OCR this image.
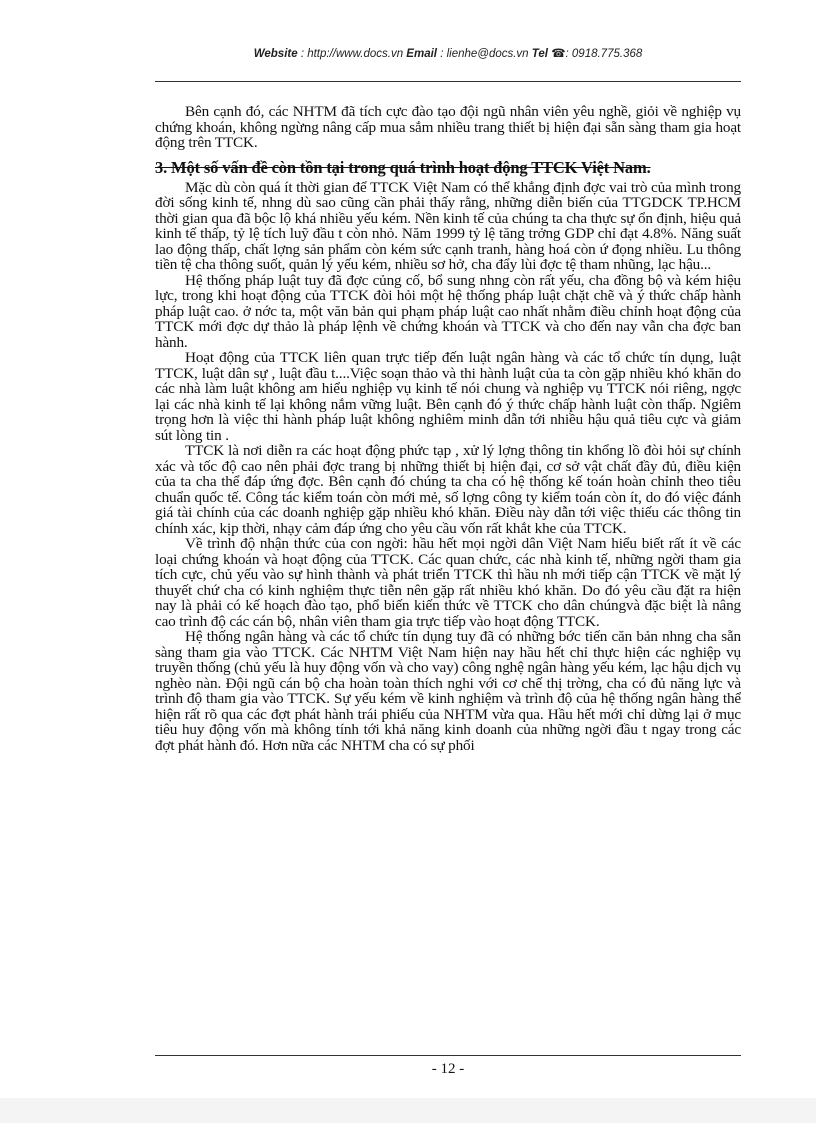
Website : http://www.docs.vn Email : lienhe@docs.vn Tel ☎: 0918.775.368

Bên cạnh đó, các NHTM đã tích cực đào tạo đội ngũ nhân viên yêu nghề, giỏi về nghiệp vụ chứng khoán, không ngừng nâng cấp mua sắm nhiều trang thiết bị hiện đại sẵn sàng tham gia hoạt động trên TTCK.

3. Một số vấn đề còn tồn tại trong quá trình hoạt động TTCK Việt Nam.

Mặc dù còn quá ít thời gian để TTCK Việt Nam có thể khẳng định đợc vai trò của mình trong đời sống kinh tế, nhng dù sao cũng cần phải thấy rằng, những diễn biến của TTGDCK TP.HCM thời gian qua đã bộc lộ khá nhiều yếu kém. Nền kinh tế của chúng ta cha thực sự ổn định, hiệu quả kinh tế thấp, tỷ lệ tích luỹ đầu t còn nhỏ. Năm 1999 tỷ lệ tăng trởng GDP chỉ đạt 4.8%. Năng suất lao động thấp, chất lợng sản phẩm còn kém sức cạnh tranh, hàng hoá còn ứ đọng nhiều. Lu thông tiền tệ cha thông suốt, quản lý yếu kém, nhiều sơ hở, cha đẩy lùi đợc tệ tham nhũng, lạc hậu...

Hệ thống pháp luật tuy đã đợc củng cố, bổ sung nhng còn rất yếu, cha đồng bộ và kém hiệu lực, trong khi hoạt động của TTCK đòi hỏi một hệ thống pháp luật chặt chẽ và ý thức chấp hành pháp luật cao. ở nớc ta, một văn bản qui phạm pháp luật cao nhất nhằm điều chỉnh hoạt động của TTCK mới đợc dự thảo là pháp lệnh về chứng khoán và TTCK và cho đến nay vẫn cha đợc ban hành.

Hoạt động của TTCK liên quan trực tiếp đến luật ngân hàng và các tổ chức tín dụng, luật TTCK, luật dân sự , luật đầu t....Việc soạn thảo và thi hành luật của ta còn gặp nhiều khó khăn do các nhà làm luật không am hiểu nghiệp vụ kinh tế nói chung và nghiệp vụ TTCK nói riêng, ngợc lại các nhà kinh tế lại không nắm vững luật. Bên cạnh đó ý thức chấp hành luật còn thấp. Ngiêm trọng hơn là việc thi hành pháp luật không nghiêm minh dẫn tới nhiều hậu quả tiêu cực và giảm sút lòng tin .

TTCK là nơi diễn ra các hoạt động phức tạp , xử lý lợng thông tin khổng lồ đòi hỏi sự chính xác và tốc độ cao nên phải đợc trang bị những thiết bị hiện đại, cơ sở vật chất đầy đủ, điều kiện của ta cha thể đáp ứng đợc. Bên cạnh đó chúng ta cha có hệ thống kế toán hoàn chỉnh theo tiêu chuẩn quốc tế. Công tác kiểm toán còn mới mẻ, số lợng công ty kiểm toán còn ít, do đó việc đánh giá tài chính của các doanh nghiệp gặp nhiều khó khăn. Điều này dẫn tới việc thiếu các thông tin chính xác, kịp thời, nhạy cảm đáp ứng cho yêu cầu vốn rất khắt khe của TTCK.

Về trình độ nhận thức của con ngời: hầu hết mọi ngời dân Việt Nam hiểu biết rất ít về các loại chứng khoán và hoạt động của TTCK. Các quan chức, các nhà kinh tế, những ngời tham gia tích cực, chủ yếu vào sự hình thành và phát triển TTCK thì hầu nh mới tiếp cận TTCK về mặt lý thuyết chứ cha có kinh nghiệm thực tiễn nên gặp rất nhiều khó khăn. Do đó yêu cầu đặt ra hiện nay là phải có kế hoạch đào tạo, phổ biến kiến thức về TTCK cho dân chúngvà đặc biệt là nâng cao trình độ các cán bộ, nhân viên tham gia trực tiếp vào hoạt động TTCK.

Hệ thống ngân hàng và các tổ chức tín dụng tuy đã có những bớc tiến căn bản nhng cha sẵn sàng tham gia vào TTCK. Các NHTM Việt Nam hiện nay hầu hết chỉ thực hiện các nghiệp vụ truyền thống (chủ yếu là huy động vốn và cho vay) công nghệ ngân hàng yếu kém, lạc hậu dịch vụ nghèo nàn. Đội ngũ cán bộ cha hoàn toàn thích nghi với cơ chế thị trờng, cha có đủ năng lực và trình độ tham gia vào TTCK. Sự yếu kém về kinh nghiệm và trình độ của hệ thống ngân hàng thể hiện rất rõ qua các đợt phát hành trái phiếu của NHTM vừa qua. Hầu hết mới chỉ dừng lại ở mục tiêu huy động vốn mà không tính tới khả năng kinh doanh của những ngời đầu t ngay trong các đợt phát hành đó. Hơn nữa các NHTM cha có sự phối

- 12 -
